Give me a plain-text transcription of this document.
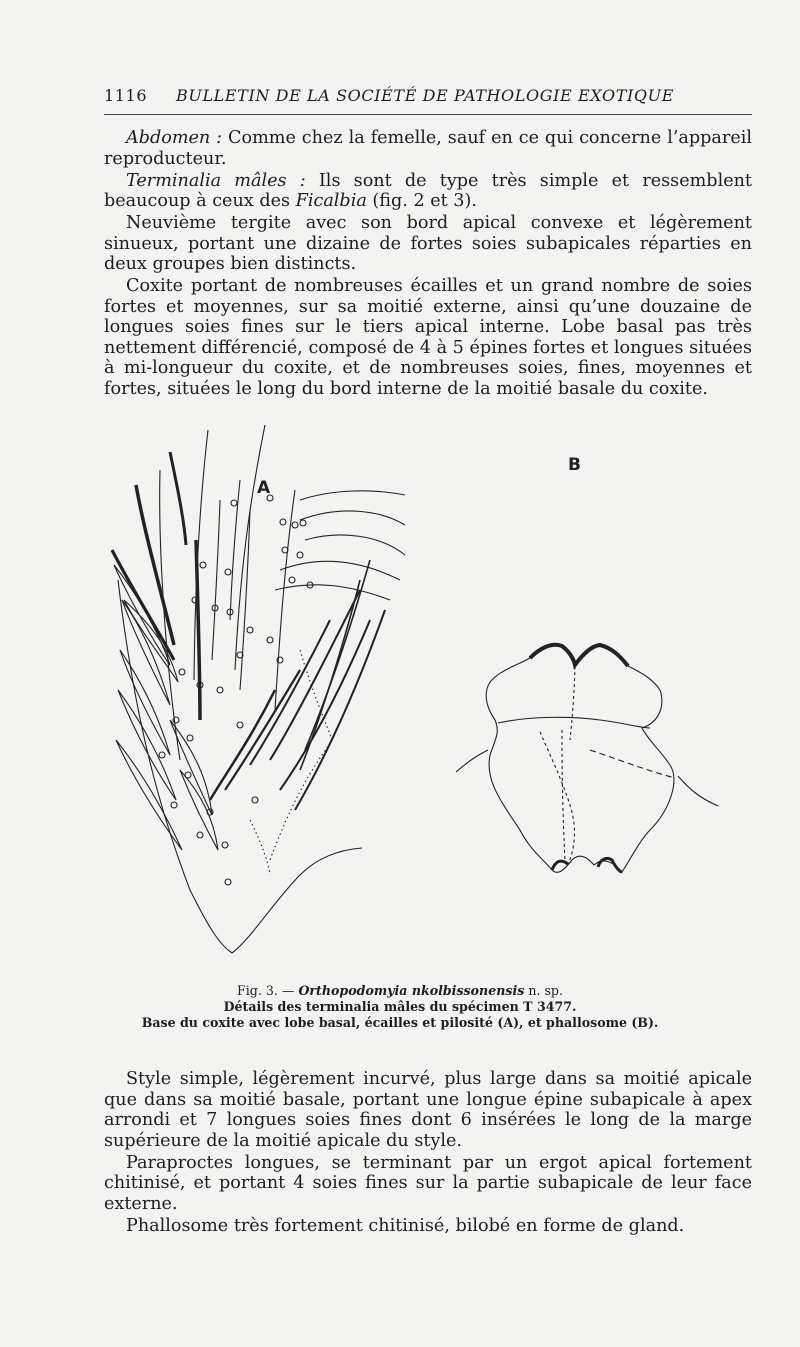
1116 BULLETIN DE LA SOCIÉTÉ DE PATHOLOGIE EXOTIQUE

Abdomen : Comme chez la femelle, sauf en ce qui concerne l’appareil reproducteur.

Terminalia mâles : Ils sont de type très simple et ressemblent beaucoup à ceux des Ficalbia (fig. 2 et 3).

Neuvième tergite avec son bord apical convexe et légèrement sinueux, portant une dizaine de fortes soies subapicales réparties en deux groupes bien distincts.

Coxite portant de nombreuses écailles et un grand nombre de soies fortes et moyennes, sur sa moitié externe, ainsi qu’une douzaine de longues soies fines sur le tiers apical interne. Lobe basal pas très nettement différencié, composé de 4 à 5 épines fortes et longues situées à mi-longueur du coxite, et de nombreuses soies, fines, moyennes et fortes, situées le long du bord interne de la moitié basale du coxite.

A
B
Fig. 3. — Orthopodomyia nkolbissonensis n. sp.
Détails des terminalia mâles du spécimen T 3477.
Base du coxite avec lobe basal, écailles et pilosité (A), et phallosome (B).

Style simple, légèrement incurvé, plus large dans sa moitié apicale que dans sa moitié basale, portant une longue épine subapicale à apex arrondi et 7 longues soies fines dont 6 insérées le long de la marge supérieure de la moitié apicale du style.

Paraproctes longues, se terminant par un ergot apical fortement chitinisé, et portant 4 soies fines sur la partie subapicale de leur face externe.

Phallosome très fortement chitinisé, bilobé en forme de gland.
